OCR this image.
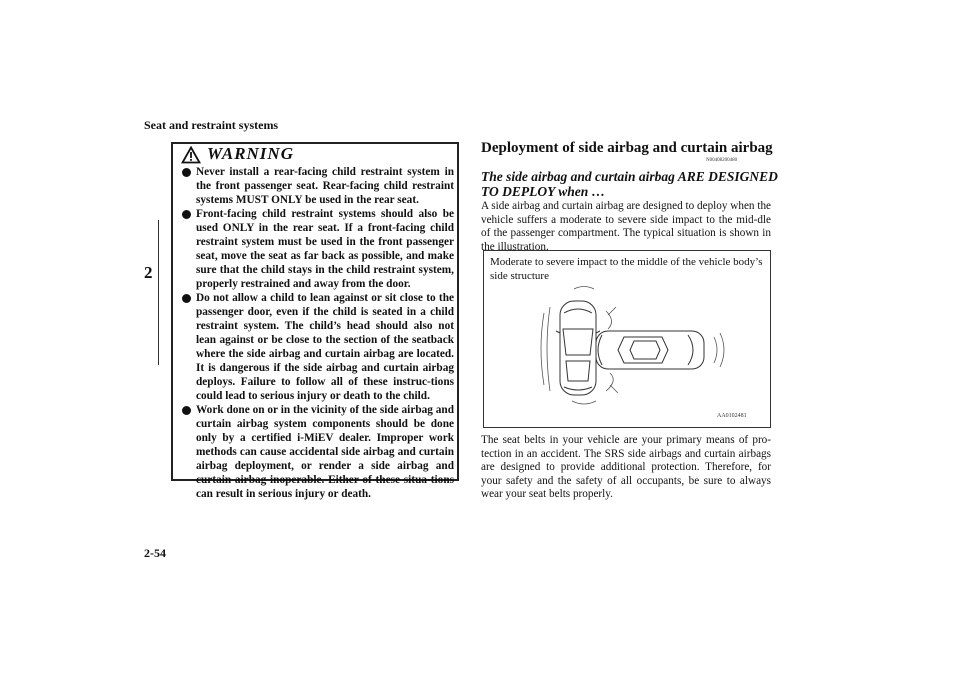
Seat and restraint systems
2
2-54
WARNING
Never install a rear-facing child restraint system in the front passenger seat. Rear-facing child restraint systems MUST ONLY be used in the rear seat.
Front-facing child restraint systems should also be used ONLY in the rear seat. If a front-facing child restraint system must be used in the front passenger seat, move the seat as far back as possible, and make sure that the child stays in the child restraint system, properly restrained and away from the door.
Do not allow a child to lean against or sit close to the passenger door, even if the child is seated in a child restraint system. The child’s head should also not lean against or be close to the section of the seatback where the side airbag and curtain airbag are located. It is dangerous if the side airbag and curtain airbag deploys. Failure to follow all of these instruc-tions could lead to serious injury or death to the child.
Work done on or in the vicinity of the side airbag and curtain airbag system components should be done only by a certified i-MiEV dealer. Improper work methods can cause accidental side airbag and curtain airbag deployment, or render a side airbag and curtain airbag inoperable. Either of these situa-tions can result in serious injury or death.
Deployment of side airbag and curtain airbag
N00408200480
The side airbag and curtain airbag ARE DESIGNED TO DEPLOY when …
A side airbag and curtain airbag are designed to deploy when the vehicle suffers a moderate to severe side impact to the mid-dle of the passenger compartment. The typical situation is shown in the illustration.
Moderate to severe impact to the middle of the vehicle body’s side structure
AA0102481
The seat belts in your vehicle are your primary means of pro-tection in an accident. The SRS side airbags and curtain airbags are designed to provide additional protection. Therefore, for your safety and the safety of all occupants, be sure to always wear your seat belts properly.
